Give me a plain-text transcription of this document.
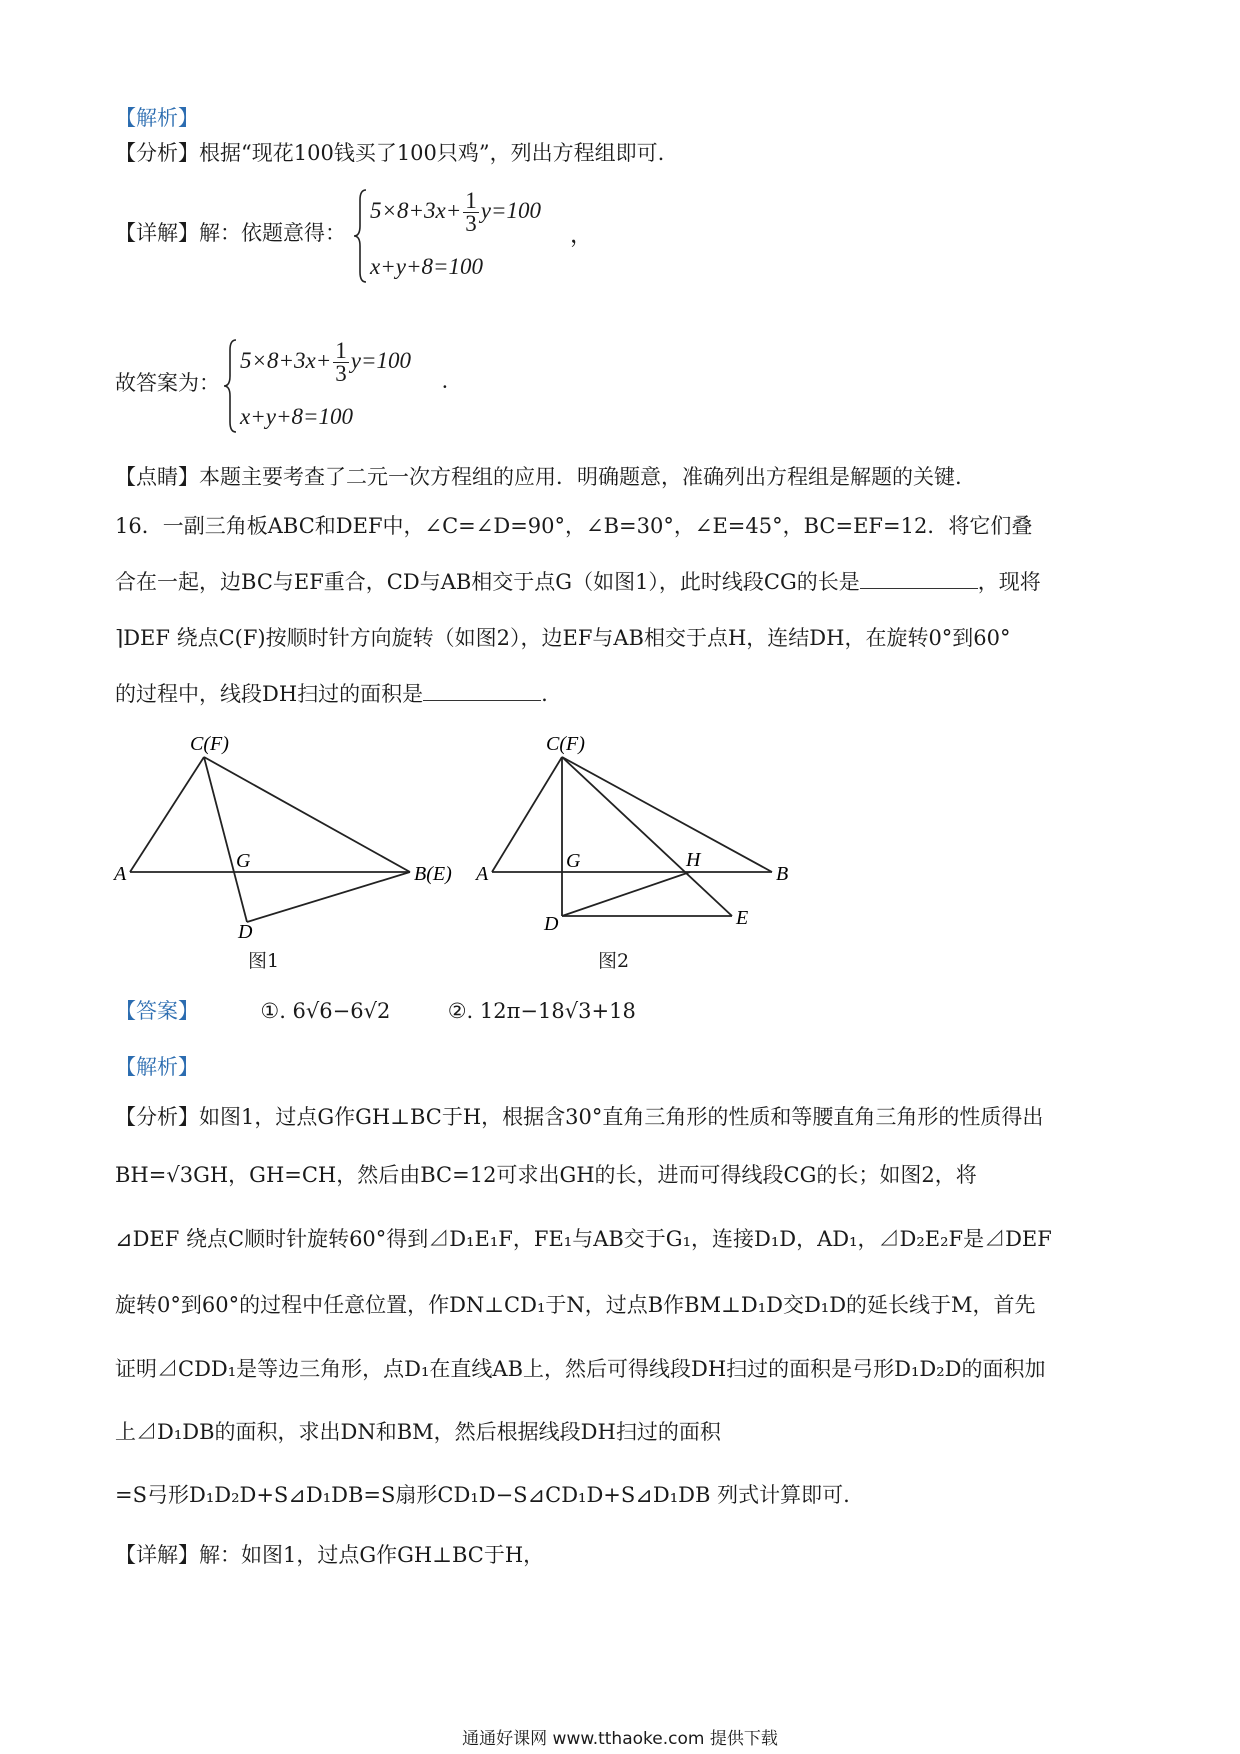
【解析】
【分析】根据“现花100钱买了100只鸡”，列出方程组即可.
【详解】解：依题意得：
$5\times 8+3x+ \frac{1}{3} y=100$
x+y+8=100
，
故答案为：
$5\times 8+3x+ \frac{1}{3} y=100$
x+y+8=100
.
【点睛】本题主要考查了二元一次方程组的应用．明确题意，准确列出方程组是解题的关键.
16．一副三角板ABC和DEF中，∠C=∠D=90°，∠B=30°，∠E=45°，BC=EF=12．将它们叠
合在一起，边BC与EF重合，CD与AB相交于点G（如图1），此时线段CG的长是	，现将
⌉DEF 绕点C(F)按顺时针方向旋转（如图2），边EF与AB相交于点H，连结DH，在旋转0°到60°
的过程中，线段DH扫过的面积是	.
C(F)
A
G
B(E)
D
图1
C(F)
A
G	H
B
D	E
图2
【答案】	①. 6√6−6√2	②. 12π−18√3+18
【解析】
【分析】如图1，过点G作GH⊥BC于H，根据含30°直角三角形的性质和等腰直角三角形的性质得出
BH=√3GH，GH=CH，然后由BC=12可求出GH的长，进而可得线段CG的长；如图2，将
⊿DEF 绕点C顺时针旋转60°得到⊿D₁E₁F，FE₁与AB交于G₁，连接D₁D，AD₁，⊿D₂E₂F是⊿DEF
旋转0°到60°的过程中任意位置，作DN⊥CD₁于N，过点B作BM⊥D₁D交D₁D的延长线于M，首先
证明⊿CDD₁是等边三角形，点D₁在直线AB上，然后可得线段DH扫过的面积是弓形D₁D₂D的面积加
上⊿D₁DB的面积，求出DN和BM，然后根据线段DH扫过的面积
=S弓形D₁D₂D+S⊿D₁DB=S扇形CD₁D−S⊿CD₁D+S⊿D₁DB 列式计算即可.
【详解】解：如图1，过点G作GH⊥BC于H，
通通好课网 www.tthaoke.com 提供下载
